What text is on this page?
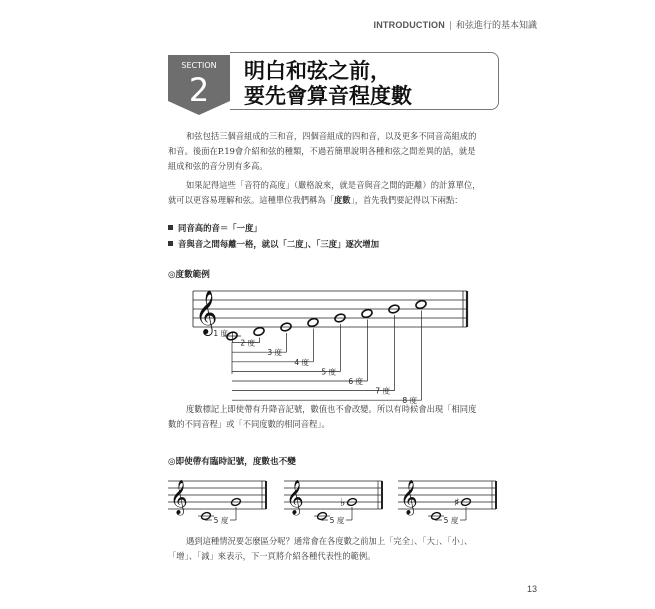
INTRODUCTION | 和弦進行的基本知識
SECTION
2
明白和弦之前，
要先會算音程度數

和弦包括三個音組成的三和音，四個音組成的四和音，以及更多不同音高組成的

和音。後面在P.19會介紹和弦的種類，不過若簡單說明各種和弦之間差異的話，就是

組成和弦的音分別有多高。

如果記得這些「音符的高度」（嚴格說來，就是音與音之間的距離）的計算單位，

就可以更容易理解和弦。這種單位我們稱為「度數」，首先我們要記得以下兩點：

同音高的音＝「一度」
音與音之間每離一格，就以「二度」、「三度」逐次增加
◎度數範例
𝄞
1 度
2 度
3 度
4 度
5 度
6 度
7 度
8 度

度數標記上即使帶有升降音記號，數值也不會改變。所以有時候會出現「相同度

數的不同音程」或「不同度數的相同音程」。

◎即使帶有臨時記號，度數也不變
𝄞
5 度
𝄞	♭
5 度
𝄞	♯
5 度

遇到這種情況要怎麼區分呢？通常會在各度數之前加上「完全」、「大」、「小」、

「增」、「減」來表示，下一頁將介紹各種代表性的範例。

13
